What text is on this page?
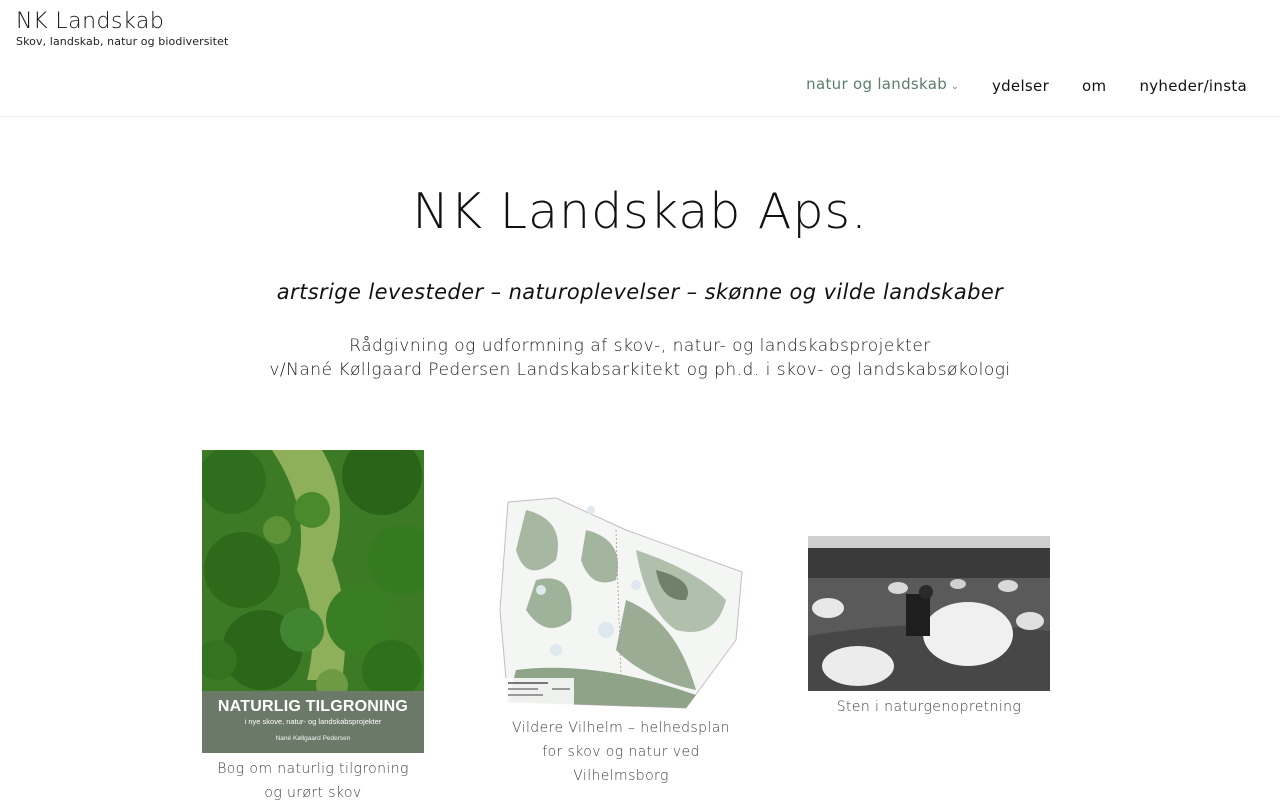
NK Landskab
Skov, landskab, natur og biodiversitet
natur og landskab ⌄ ydelser om nyheder/insta
NK Landskab Aps.
artsrige levesteder – naturoplevelser – skønne og vilde landskaber
Rådgivning og udformning af skov-, natur- og landskabsprojekter
v/Nané Køllgaard Pedersen Landskabsarkitekt og ph.d. i skov- og landskabsøkologi
NATURLIG TILGRONING
i nye skove, natur- og landskabsprojekter
Nané Køllgaard Pedersen
Bog om naturlig tilgroning
og urørt skov
Vildere Vilhelm – helhedsplan
for skov og natur ved Vilhelmsborg
Sten i naturgenopretning
